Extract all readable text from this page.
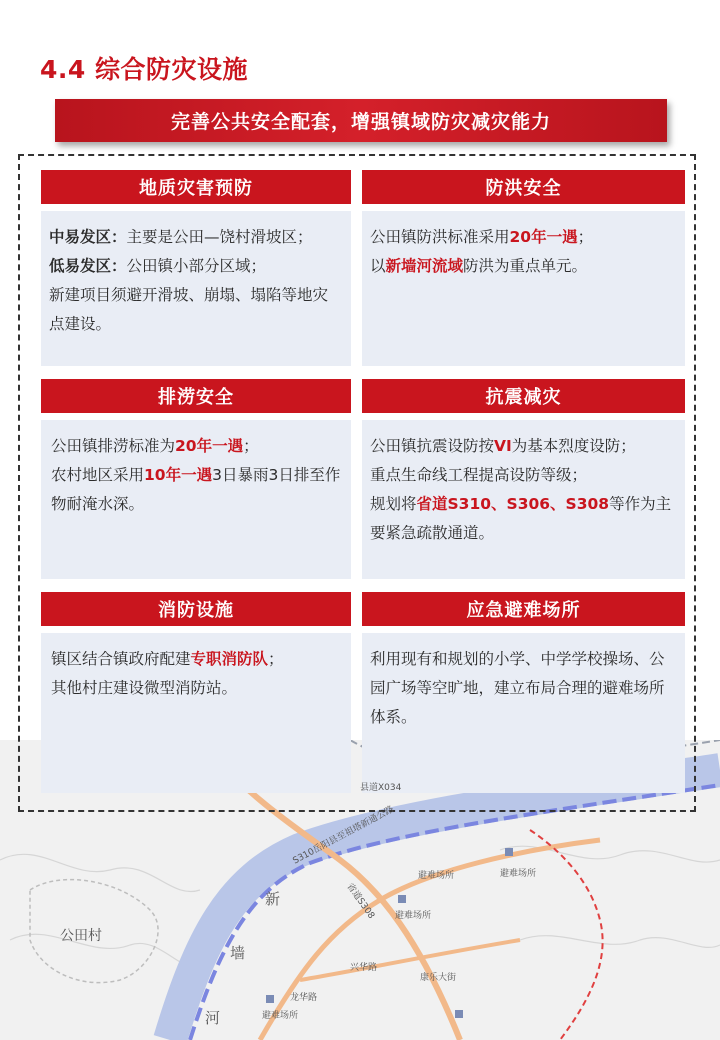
4.4 综合防灾设施
完善公共安全配套，增强镇域防灾减灾能力
地质灾害预防
中易发区：主要是公田—饶村滑坡区；
低易发区：公田镇小部分区域；
新建项目须避开滑坡、崩塌、塌陷等地灾点建设。
防洪安全
公田镇防洪标准采用20年一遇；
以新墙河流域防洪为重点单元。
排涝安全
公田镇排涝标准为20年一遇；
农村地区采用10年一遇3日暴雨3日排至作物耐淹水深。
抗震减灾
公田镇抗震设防按VI为基本烈度设防；
重点生命线工程提高设防等级；
规划将省道S310、S306、S308等作为主要紧急疏散通道。
消防设施
镇区结合镇政府配建专职消防队；
其他村庄建设微型消防站。
应急避难场所
利用现有和规划的小学、中学学校操场、公园广场等空旷地，建立布局合理的避难场所体系。
公田村
新
墙
河
避难场所
避难场所
避难场所
避难场所
S310岳阳县至祖塔新通公路
县道X034
省道S308
兴华路
龙华路
康乐大街
